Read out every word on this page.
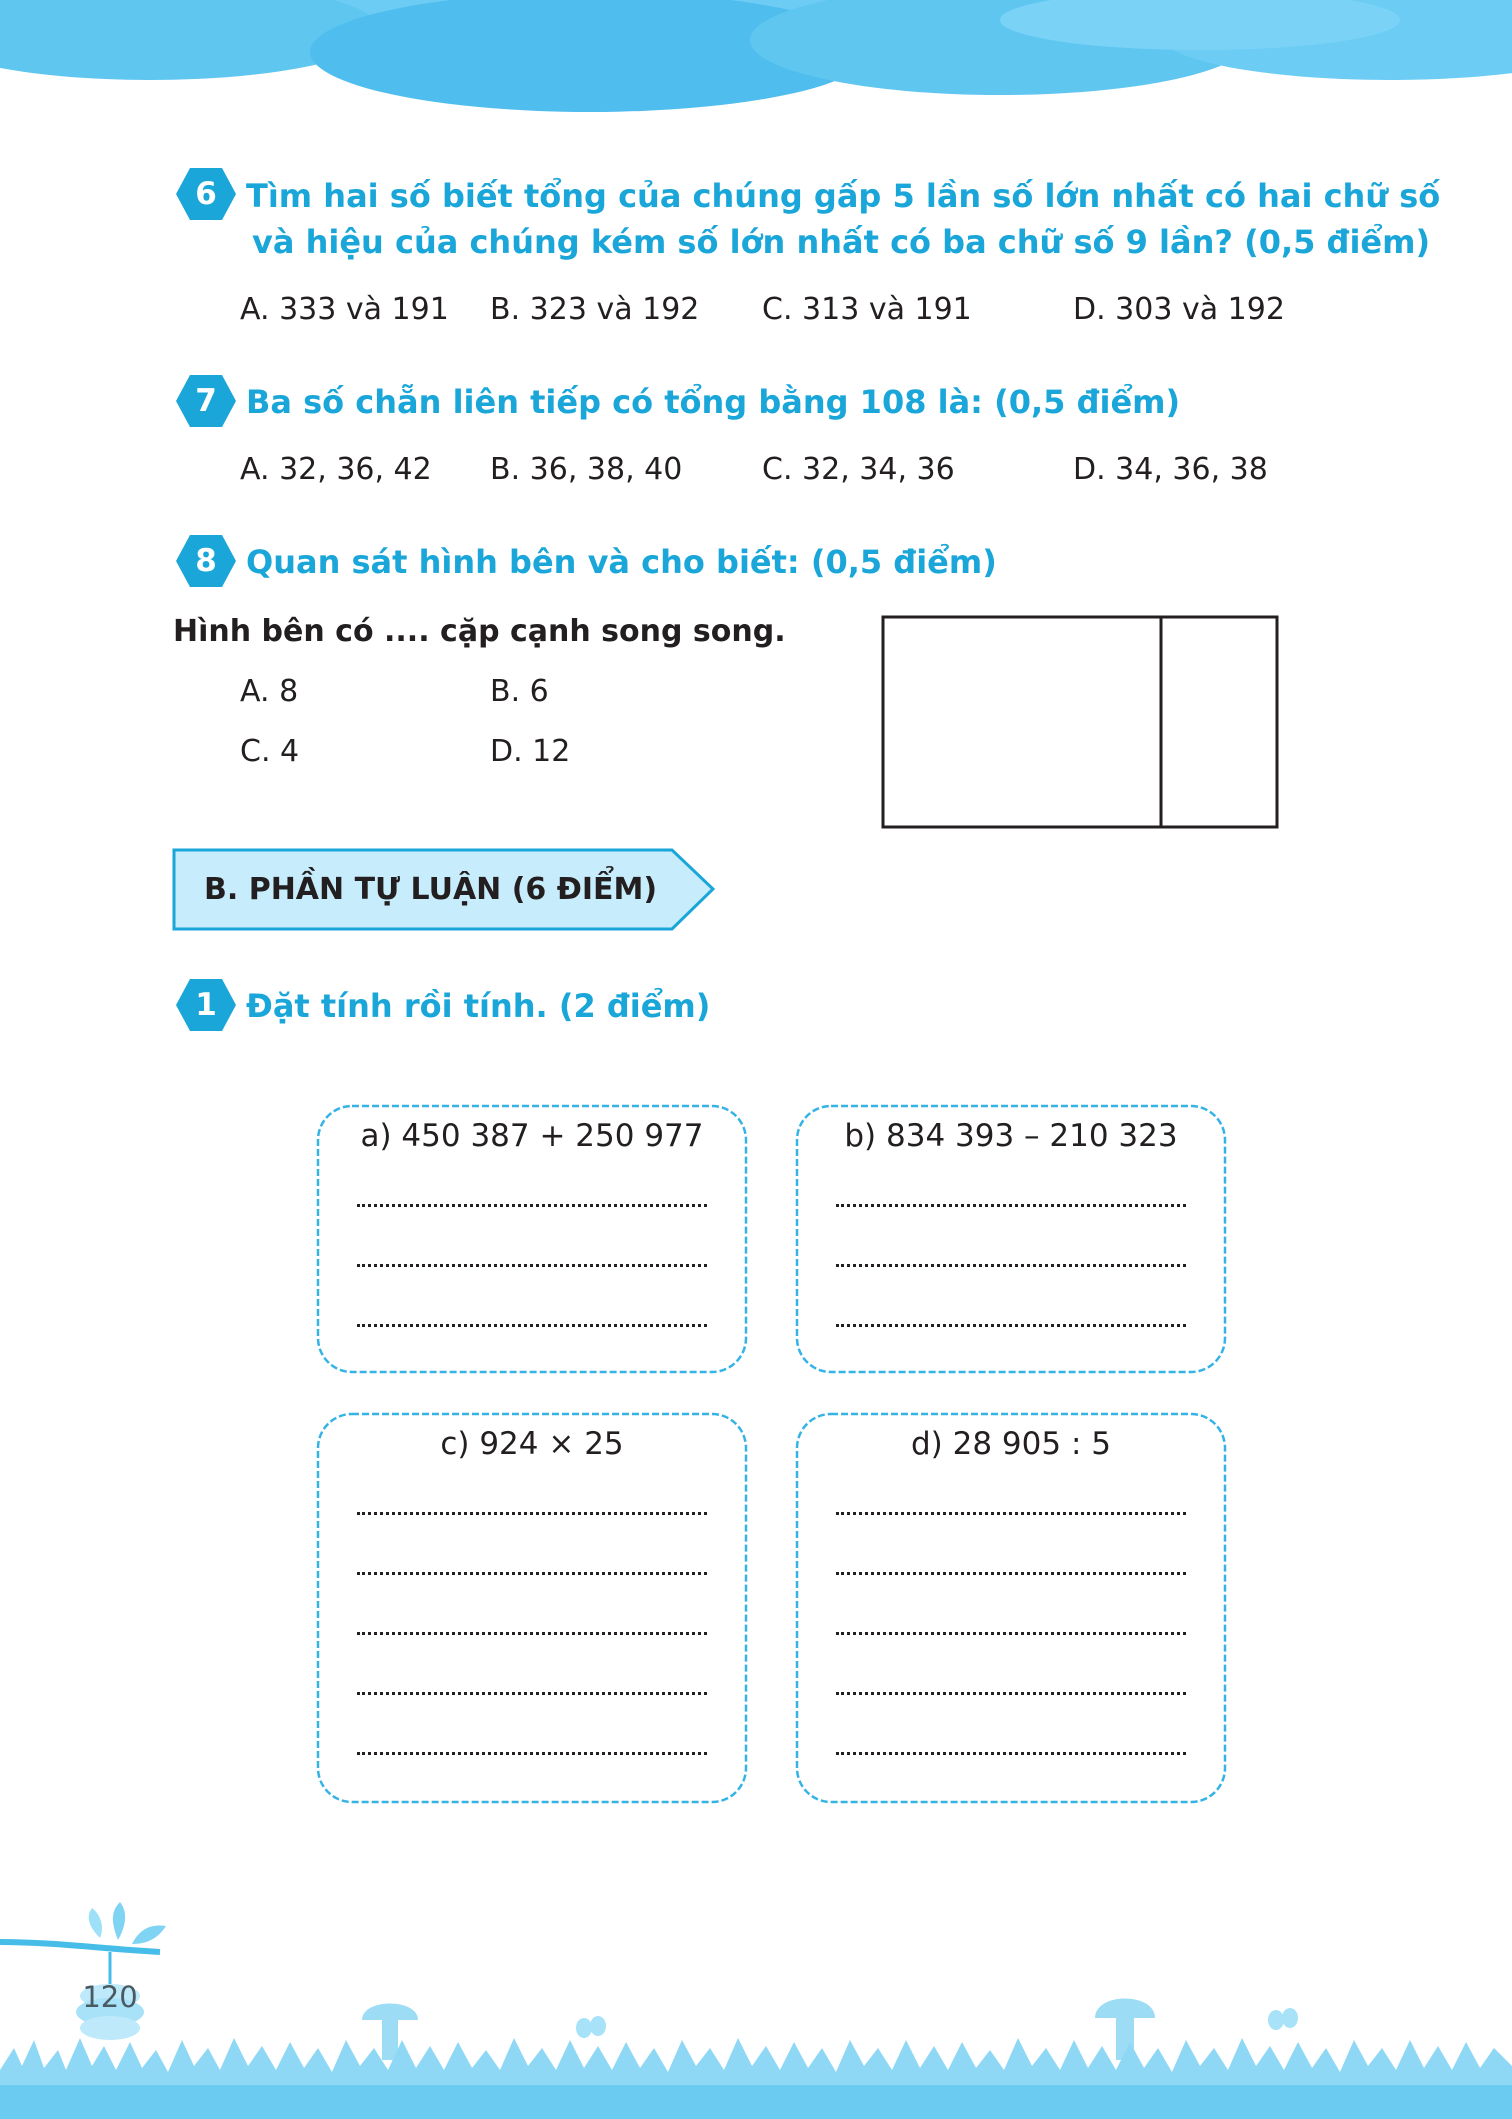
6 Tìm hai số biết tổng của chúng gấp 5 lần số lớn nhất có hai chữ số
và hiệu của chúng kém số lớn nhất có ba chữ số 9 lần? (0,5 điểm)
A. 333 và 191 B. 323 và 192 C. 313 và 191	D. 303 và 192
7 Ba số chẵn liên tiếp có tổng bằng 108 là: (0,5 điểm)
A. 32, 36, 42 B. 36, 38, 40	C. 32, 34, 36	D. 34, 36, 38
8 Quan sát hình bên và cho biết: (0,5 điểm)
Hình bên có .... cặp cạnh song song.
A. 8	B. 6
C. 4	D. 12
B. PHẦN TỰ LUẬN (6 ĐIỂM)
1 Đặt tính rồi tính. (2 điểm)
a) 450 387 + 250 977	b) 834 393 – 210 323
c) 924 × 25	d) 28 905 : 5
120
